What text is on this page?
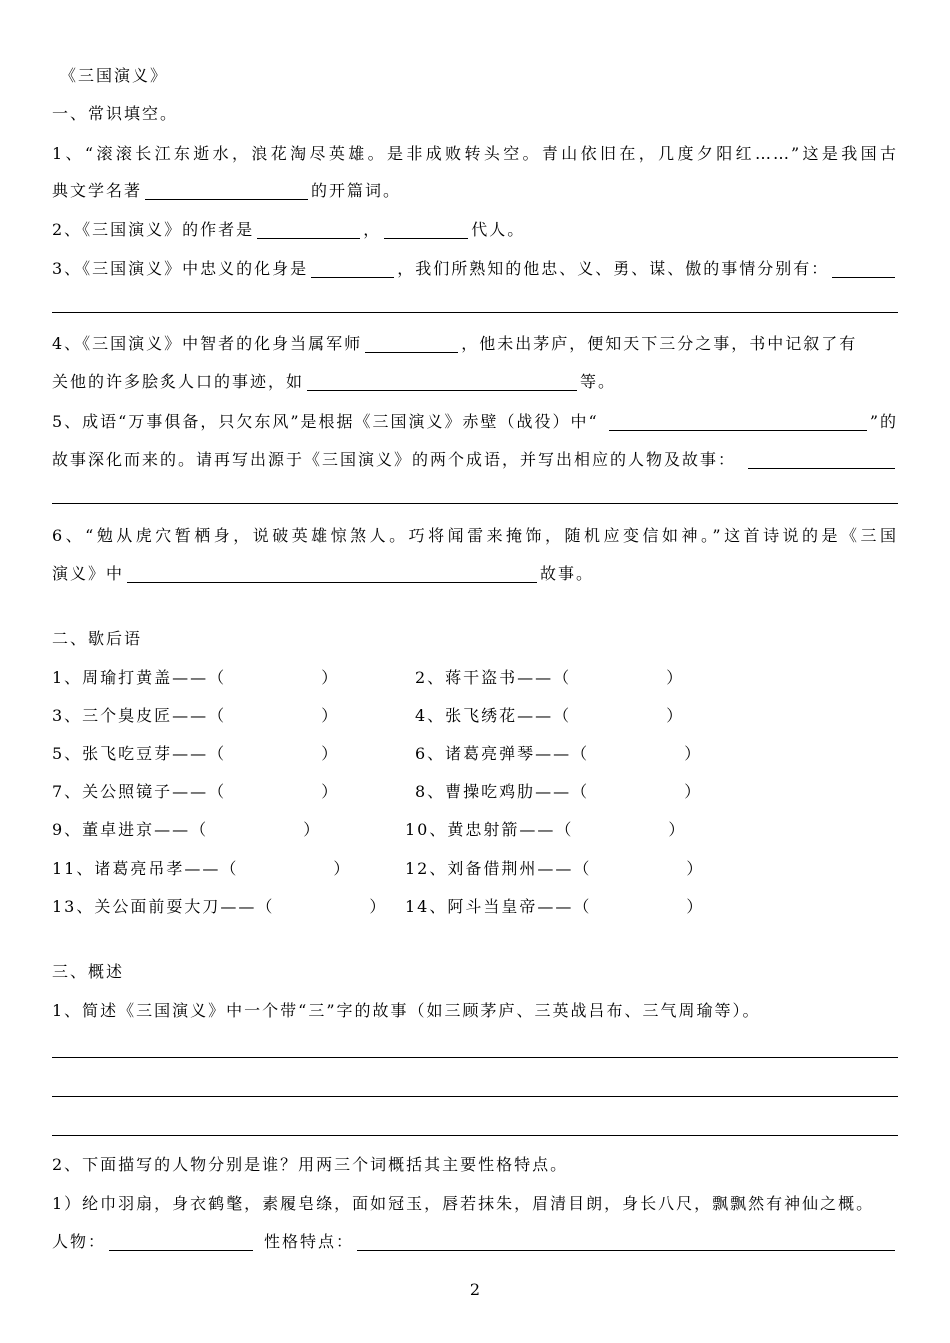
《三国演义》
一、常识填空。
1、“滚滚长江东逝水，浪花淘尽英雄。是非成败转头空。青山依旧在，几度夕阳红……”这是我国古
典文学名著	的开篇词。
2、《三国演义》的作者是	，	代人。
3、《三国演义》中忠义的化身是	，我们所熟知的他忠、义、勇、谋、傲的事情分别有：
4、《三国演义》中智者的化身当属军师	，他未出茅庐，便知天下三分之事，书中记叙了有
关他的许多脍炙人口的事迹，如	等。
5、成语“万事俱备，只欠东风”是根据《三国演义》赤壁（战役）中“	”的
故事深化而来的。请再写出源于《三国演义》的两个成语，并写出相应的人物及故事：
6、“勉从虎穴暂栖身，说破英雄惊煞人。巧将闻雷来掩饰，随机应变信如神。”这首诗说的是《三国
演义》中	故事。
二、歇后语
1、周瑜打黄盖——（	）	2、蒋干盗书——（	）
3、三个臭皮匠——（	）	4、张飞绣花——（	）
5、张飞吃豆芽——（	）	6、诸葛亮弹琴——（	）
7、关公照镜子——（	）	8、曹操吃鸡肋——（	）
9、董卓进京——（	）	10、黄忠射箭——（	）
11、诸葛亮吊孝——（	）	12、刘备借荆州——（	）
13、关公面前耍大刀——（	） 14、阿斗当皇帝——（	）
三、概述
1、简述《三国演义》中一个带“三”字的故事（如三顾茅庐、三英战吕布、三气周瑜等）。
2、下面描写的人物分别是谁？用两三个词概括其主要性格特点。
1）纶巾羽扇，身衣鹤氅，素履皂绦，面如冠玉，唇若抹朱，眉清目朗，身长八尺，飘飘然有神仙之概。
人物：	性格特点：
2
